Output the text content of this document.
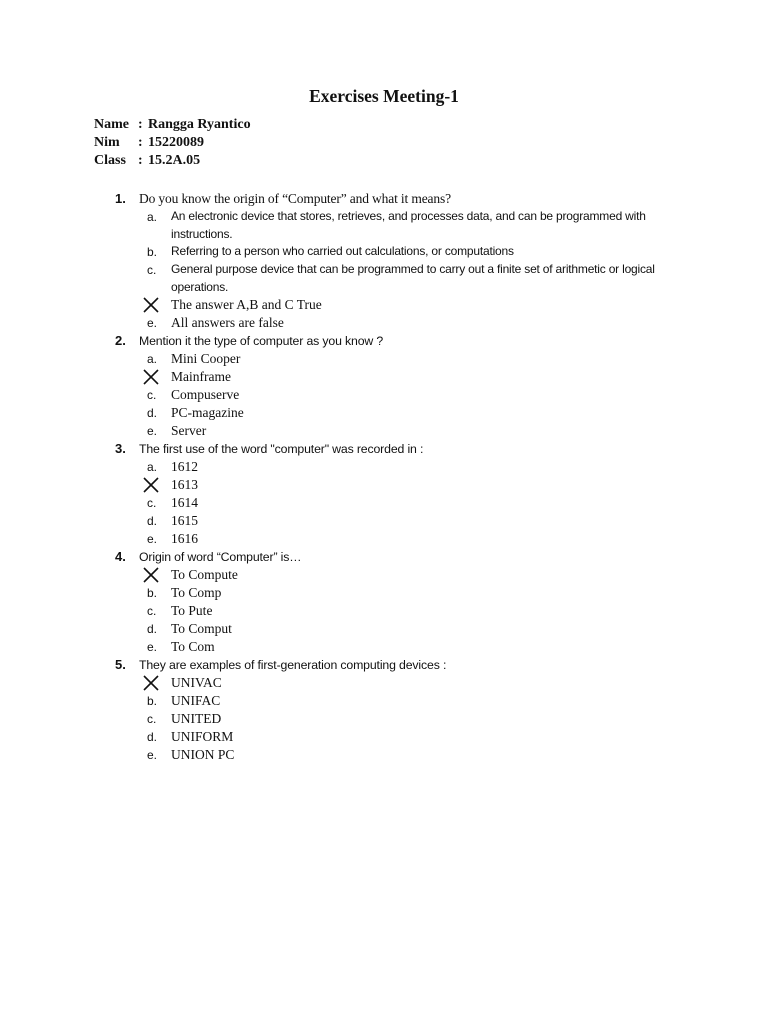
Exercises Meeting-1
Name : Rangga Ryantico
Nim	: 15220089
Class : 15.2A.05
1. Do you know the origin of “Computer” and what it means?
a. An electronic device that stores, retrieves, and processes data, and can be programmed with instructions.
b. Referring to a person who carried out calculations, or computations
c. General purpose device that can be programmed to carry out a finite set of arithmetic or logical operations.
The answer A,B and C True
e. All answers are false
2. Mention it the type of computer as you know ?
a. Mini Cooper
Mainframe
c. Compuserve
d. PC-magazine
e. Server
3. The first use of the word "computer" was recorded in :
a. 1612
1613
c. 1614
d. 1615
e. 1616
4. Origin of word “Computer” is…
To Compute
b. To Comp
c. To Pute
d. To Comput
e. To Com
5. They are examples of first-generation computing devices :
UNIVAC
b. UNIFAC
c. UNITED
d. UNIFORM
e. UNION PC
